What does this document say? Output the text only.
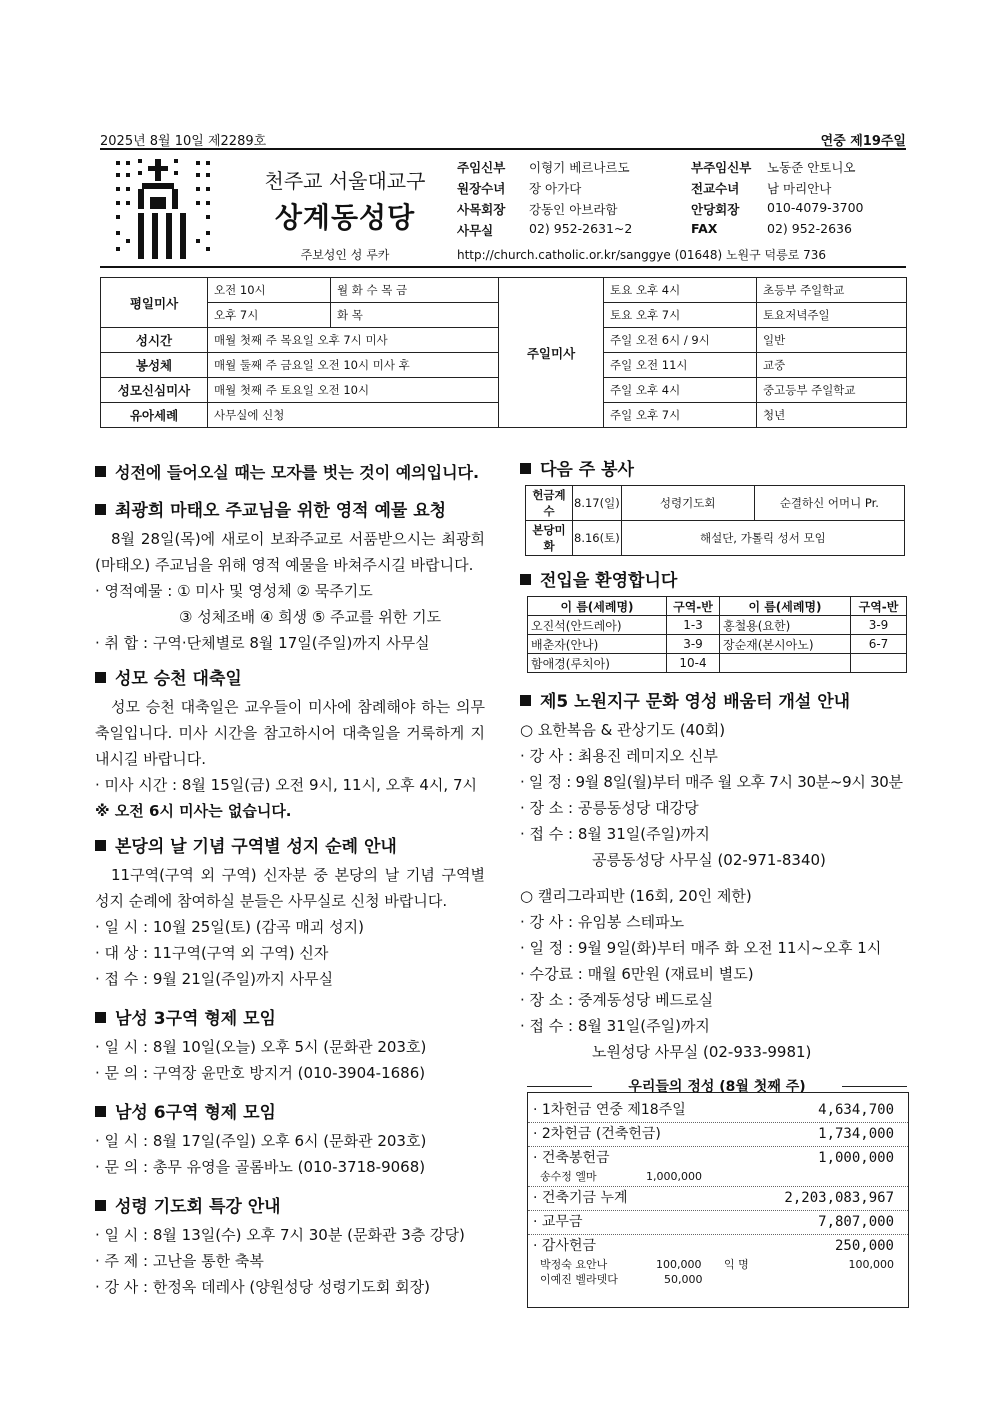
2025년 8월 10일 제2289호	연중 제19주일
천주교 서울대교구
상계동성당
주보성인 성 루카
주임신부 이형기 베르나르도	부주임신부 노동준 안토니오
원장수녀 장 아가다	전교수녀 남 마리안나
사목회장 강동인 아브라함	안당회장 010-4079-3700
사무실	02) 952-2631~2	FAX	02) 952-2636
http://church.catholic.or.kr/sanggye (01648) 노원구 덕릉로 736
평일미사	오전 10시	월 화 수 목 금	주일미사	토요 오후 4시	초등부 주일학교
	오후 7시	화 목		토요 오후 7시	토요저녁주일
성시간	매월 첫째 주 목요일 오후 7시 미사			주일 오전 6시 / 9시	일반
봉성체	매월 둘째 주 금요일 오전 10시 미사 후			주일 오전 11시	교중
성모신심미사	매월 첫째 주 토요일 오전 10시			주일 오후 4시	중고등부 주일학교
유아세례	사무실에 신청			주일 오후 7시	청년
성전에 들어오실 때는 모자를 벗는 것이 예의입니다.
최광희 마태오 주교님을 위한 영적 예물 요청

8월 28일(목)에 새로이 보좌주교로 서품받으시는 최광희(마태오) 주교님을 위해 영적 예물을 바쳐주시길 바랍니다.

· 영적예물 : ① 미사 및 영성체 ② 묵주기도

③ 성체조배 ④ 희생 ⑤ 주교를 위한 기도

· 취 합 : 구역·단체별로 8월 17일(주일)까지 사무실

성모 승천 대축일

성모 승천 대축일은 교우들이 미사에 참례해야 하는 의무축일입니다. 미사 시간을 참고하시어 대축일을 거룩하게 지내시길 바랍니다.

· 미사 시간 : 8월 15일(금) 오전 9시, 11시, 오후 4시, 7시

※ 오전 6시 미사는 없습니다.

본당의 날 기념 구역별 성지 순례 안내

11구역(구역 외 구역) 신자분 중 본당의 날 기념 구역별 성지 순례에 참여하실 분들은 사무실로 신청 바랍니다.

· 일 시 : 10월 25일(토) (감곡 매괴 성지)

· 대 상 : 11구역(구역 외 구역) 신자

· 접 수 : 9월 21일(주일)까지 사무실

남성 3구역 형제 모임

· 일 시 : 8월 10일(오늘) 오후 5시 (문화관 203호)

· 문 의 : 구역장 윤만호 방지거 (010-3904-1686)

남성 6구역 형제 모임

· 일 시 : 8월 17일(주일) 오후 6시 (문화관 203호)

· 문 의 : 총무 유영을 골롬바노 (010-3718-9068)

성령 기도회 특강 안내

· 일 시 : 8월 13일(수) 오후 7시 30분 (문화관 3층 강당)

· 주 제 : 고난을 통한 축복

· 강 사 : 한정옥 데레사 (양원성당 성령기도회 회장)

다음 주 봉사
헌금계수	8.17(일)	성령기도회	순결하신 어머니 Pr.
본당미화	8.16(토)	해설단, 가톨릭 성서 모임	
전입을 환영합니다
이 름(세례명)	구역-반	이 름(세례명)	구역-반
오진석(안드레아)	1-3	홍철용(요한)	3-9
배춘자(안나)	3-9	장순재(본시아노)	6-7
함애경(루치아)	10-4		
제5 노원지구 문화 영성 배움터 개설 안내

○ 요한복음 & 관상기도 (40회)

· 강 사 : 최용진 레미지오 신부

· 일 정 : 9월 8일(월)부터 매주 월 오후 7시 30분~9시 30분

· 장 소 : 공릉동성당 대강당

· 접 수 : 8월 31일(주일)까지

공릉동성당 사무실 (02-971-8340)

○ 캘리그라피반 (16회, 20인 제한)

· 강 사 : 유임봉 스테파노

· 일 정 : 9월 9일(화)부터 매주 화 오전 11시~오후 1시

· 수강료 : 매월 6만원 (재료비 별도)

· 장 소 : 중계동성당 베드로실

· 접 수 : 8월 31일(주일)까지

노원성당 사무실 (02-933-9981)

우리들의 정성 (8월 첫째 주)
· 1차헌금 연중 제18주일	4,634,700
· 2차헌금 (건축헌금)	1,734,000
· 건축봉헌금	1,000,000
송수정 엘마	1,000,000
· 건축기금 누계	2,203,083,967
· 교무금	7,807,000
· 감사헌금	250,000
박정숙 요안나	100,000 익 명	100,000
이예진 벨라뎃다	50,000
